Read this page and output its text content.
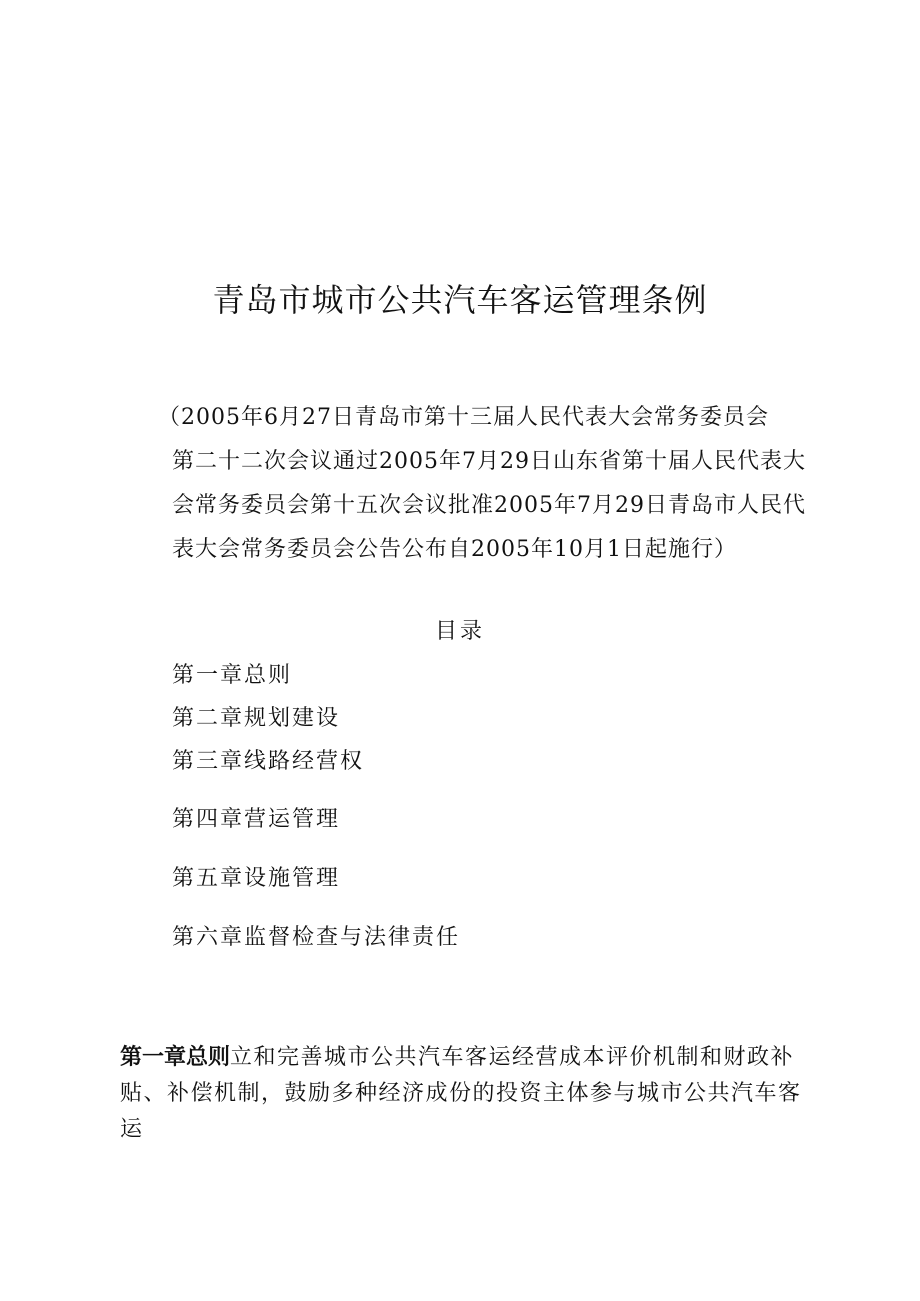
青岛市城市公共汽车客运管理条例
（2005年6月27日青岛市第十三届人民代表大会常务委员会
第二十二次会议通过2005年7月29日山东省第十届人民代表大
会常务委员会第十五次会议批准2005年7月29日青岛市人民代
表大会常务委员会公告公布自2005年10月1日起施行）
目录
第一章总则
第二章规划建设
第三章线路经营权
第四章营运管理
第五章设施管理
第六章监督检查与法律责任
第一章总则立和完善城市公共汽车客运经营成本评价机制和财政补
贴、补偿机制，鼓励多种经济成份的投资主体参与城市公共汽车客运
